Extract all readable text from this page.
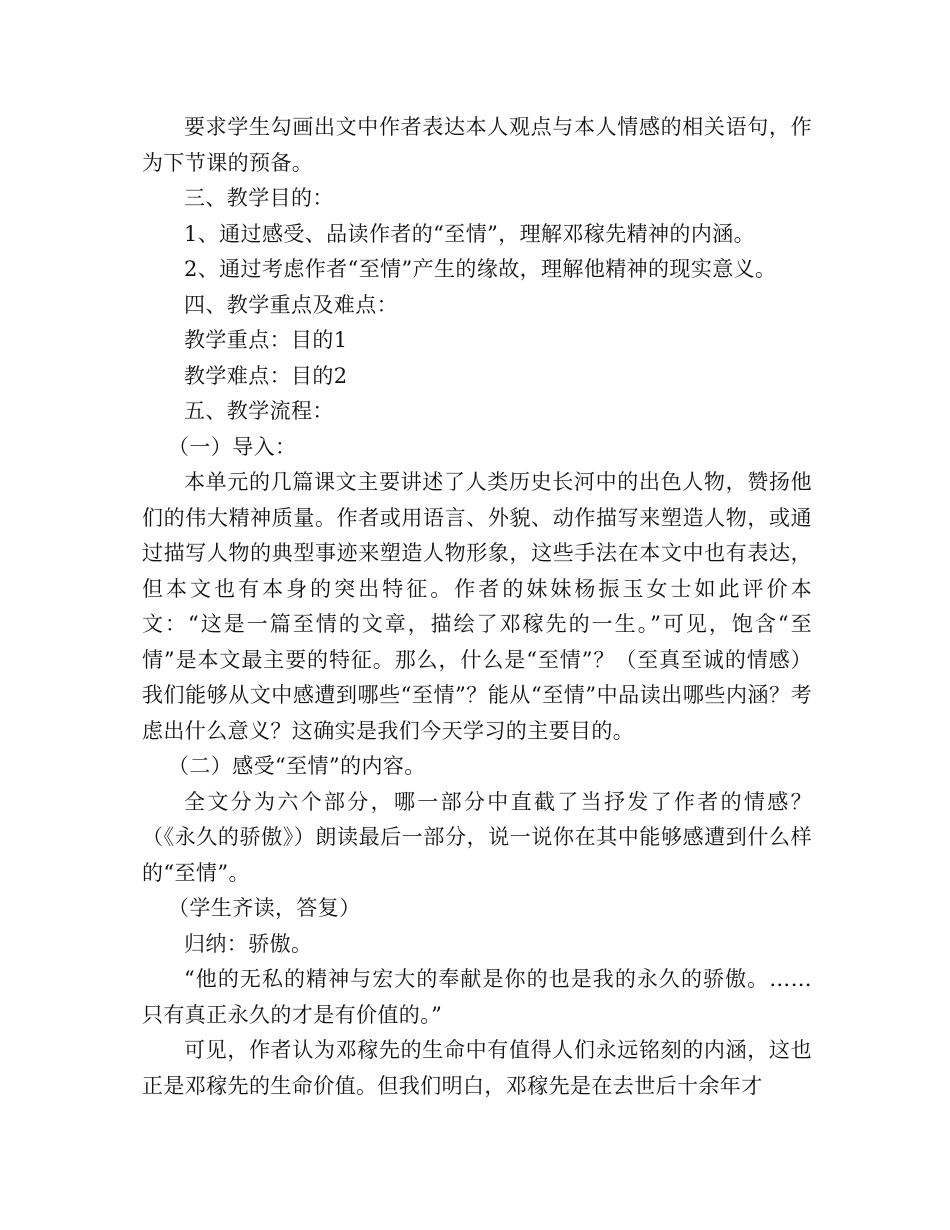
要求学生勾画出文中作者表达本人观点与本人情感的相关语句，作为下节课的预备。

三、教学目的：

1、通过感受、品读作者的“至情”，理解邓稼先精神的内涵。

2、通过考虑作者“至情”产生的缘故，理解他精神的现实意义。

四、教学重点及难点：

教学重点：目的1

教学难点：目的2

五、教学流程：

（一）导入：

本单元的几篇课文主要讲述了人类历史长河中的出色人物，赞扬他们的伟大精神质量。作者或用语言、外貌、动作描写来塑造人物，或通过描写人物的典型事迹来塑造人物形象，这些手法在本文中也有表达，但本文也有本身的突出特征。作者的妹妹杨振玉女士如此评价本文：“这是一篇至情的文章，描绘了邓稼先的一生。”可见，饱含“至情”是本文最主要的特征。那么，什么是“至情”？（至真至诚的情感）我们能够从文中感遭到哪些“至情”？能从“至情”中品读出哪些内涵？考虑出什么意义？这确实是我们今天学习的主要目的。

（二）感受“至情”的内容。

全文分为六个部分，哪一部分中直截了当抒发了作者的情感？（《永久的骄傲》）朗读最后一部分，说一说你在其中能够感遭到什么样的“至情”。

（学生齐读，答复）

归纳：骄傲。

“他的无私的精神与宏大的奉献是你的也是我的永久的骄傲。……只有真正永久的才是有价值的。”

可见，作者认为邓稼先的生命中有值得人们永远铭刻的内涵，这也正是邓稼先的生命价值。但我们明白，邓稼先是在去世后十余年才
